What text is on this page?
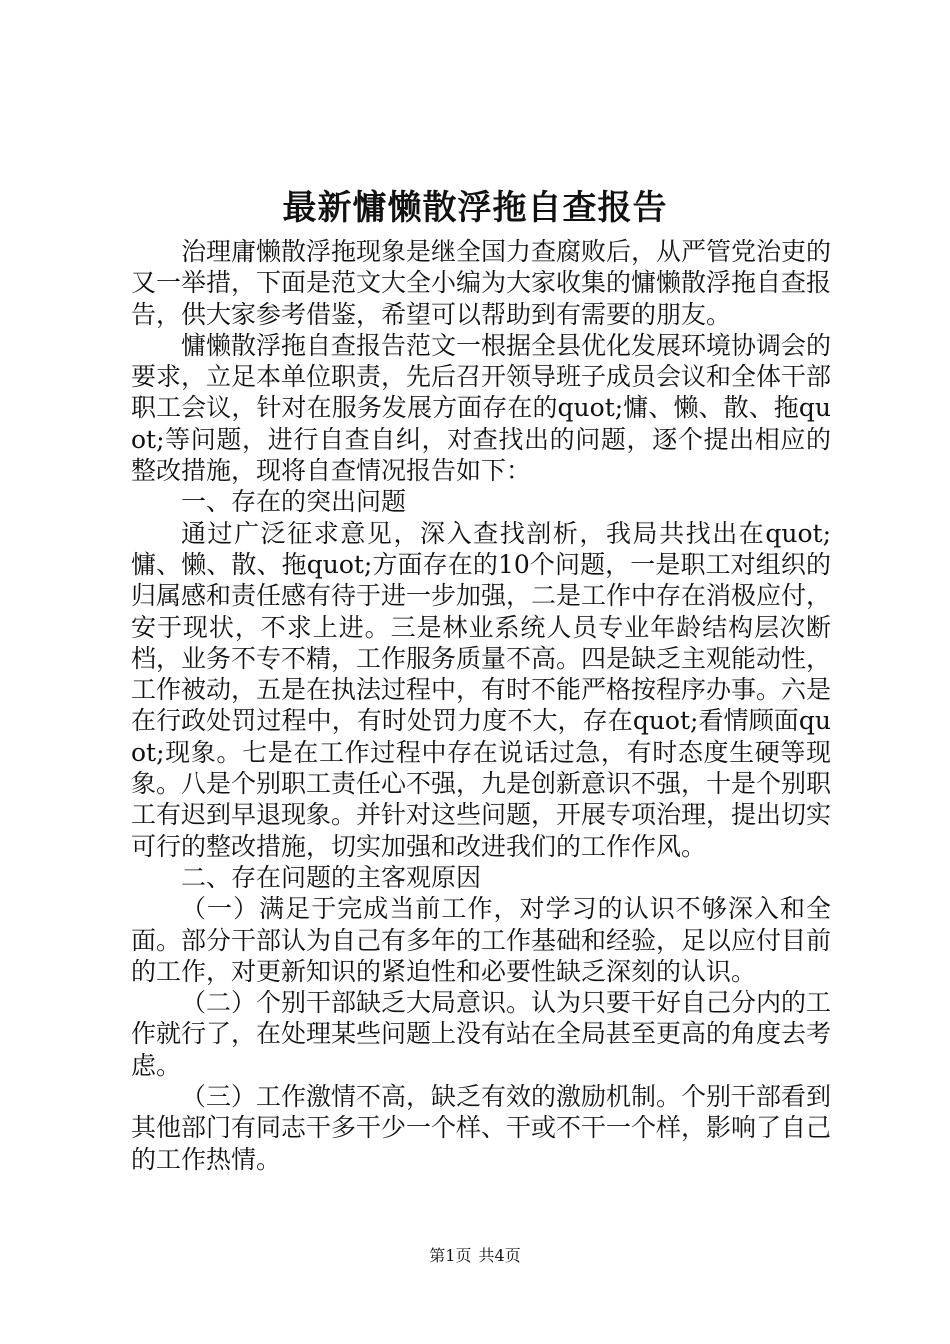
最新慵懒散浮拖自查报告

治理庸懒散浮拖现象是继全国力查腐败后，从严管党治吏的又一举措，下面是范文大全小编为大家收集的慵懒散浮拖自查报告，供大家参考借鉴，希望可以帮助到有需要的朋友。

慵懒散浮拖自查报告范文一根据全县优化发展环境协调会的要求，立足本单位职责，先后召开领导班子成员会议和全体干部职工会议，针对在服务发展方面存在的quot;慵、懒、散、拖quot;等问题，进行自查自纠，对查找出的问题，逐个提出相应的整改措施，现将自查情况报告如下：

一、存在的突出问题

通过广泛征求意见，深入查找剖析，我局共找出在quot;慵、懒、散、拖quot;方面存在的10个问题，一是职工对组织的归属感和责任感有待于进一步加强，二是工作中存在消极应付，安于现状，不求上进。三是林业系统人员专业年龄结构层次断档，业务不专不精，工作服务质量不高。四是缺乏主观能动性，工作被动，五是在执法过程中，有时不能严格按程序办事。六是在行政处罚过程中，有时处罚力度不大，存在quot;看情顾面quot;现象。七是在工作过程中存在说话过急，有时态度生硬等现象。八是个别职工责任心不强，九是创新意识不强，十是个别职工有迟到早退现象。并针对这些问题，开展专项治理，提出切实可行的整改措施，切实加强和改进我们的工作作风。

二、存在问题的主客观原因

（一）满足于完成当前工作，对学习的认识不够深入和全面。部分干部认为自己有多年的工作基础和经验，足以应付目前的工作，对更新知识的紧迫性和必要性缺乏深刻的认识。

（二）个别干部缺乏大局意识。认为只要干好自己分内的工作就行了，在处理某些问题上没有站在全局甚至更高的角度去考虑。

（三）工作激情不高，缺乏有效的激励机制。个别干部看到其他部门有同志干多干少一个样、干或不干一个样，影响了自己的工作热情。

第1页 共4页
